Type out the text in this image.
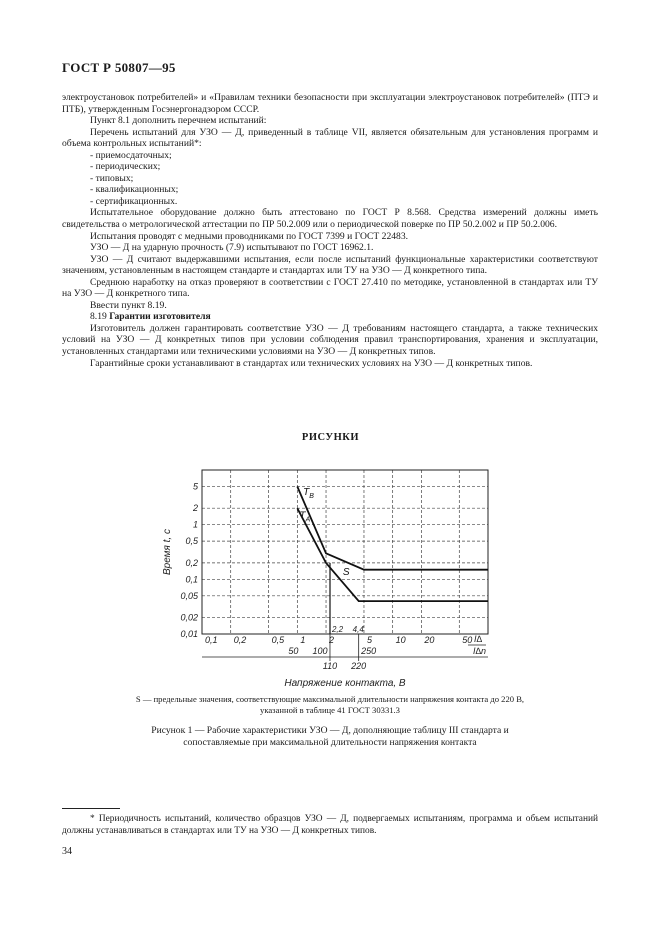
ГОСТ Р 50807—95

электроустановок потребителей» и «Правилам техники безопасности при эксплуатации электроустановок потребителей» (ПТЭ и ПТБ), утвержденным Госэнергонадзором СССР.

Пункт 8.1 дополнить перечнем испытаний:

Перечень испытаний для УЗО — Д, приведенный в таблице VII, является обязательным для установления программ и объема контрольных испытаний*:

- приемосдаточных;

- периодических;

- типовых;

- квалификационных;

- сертификационных.

Испытательное оборудование должно быть аттестовано по ГОСТ Р 8.568. Средства измерений должны иметь свидетельства о метрологической аттестации по ПР 50.2.009 или о периодической поверке по ПР 50.2.002 и ПР 50.2.006.

Испытания проводят с медными проводниками по ГОСТ 7399 и ГОСТ 22483.

УЗО — Д на ударную прочность (7.9) испытывают по ГОСТ 16962.1.

УЗО — Д считают выдержавшими испытания, если после испытаний функциональные характеристики соответствуют значениям, установленным в настоящем стандарте и стандартах или ТУ на УЗО — Д конкретного типа.

Среднюю наработку на отказ проверяют в соответствии с ГОСТ 27.410 по методике, установленной в стандартах или ТУ на УЗО — Д конкретного типа.

Ввести пункт 8.19.

8.19 Гарантии изготовителя

Изготовитель должен гарантировать соответствие УЗО — Д требованиям настоящего стандарта, а также технических условий на УЗО — Д конкретных типов при условии соблюдения правил транспортирования, хранения и эксплуатации, установленных стандартами или техническими условиями на УЗО — Д конкретных типов.

Гарантийные сроки устанавливают в стандартах или технических условиях на УЗО — Д конкретных типов.

РИСУНКИ
0,1 0,2	0,5 1	2	5	10 20	50
5
2
1
0,5
0,2
0,1
0,05
0,02
0,01	2,2 4,4
I∆
I∆n
50 100	250
110 220
Напряжение контакта, В
Время t, с
$T_B$
$T_A$
S
S — предельные значения, соответствующие максимальной длительности напряжения контакта до 220 В, указанной в таблице 41 ГОСТ 30331.3
Рисунок 1 — Рабочие характеристики УЗО — Д, дополняющие таблицу III стандарта и сопоставляемые при максимальной длительности напряжения контакта
* Периодичность испытаний, количество образцов УЗО — Д, подвергаемых испытаниям, программа и объем испытаний должны устанавливаться в стандартах или ТУ на УЗО — Д конкретных типов.
34
